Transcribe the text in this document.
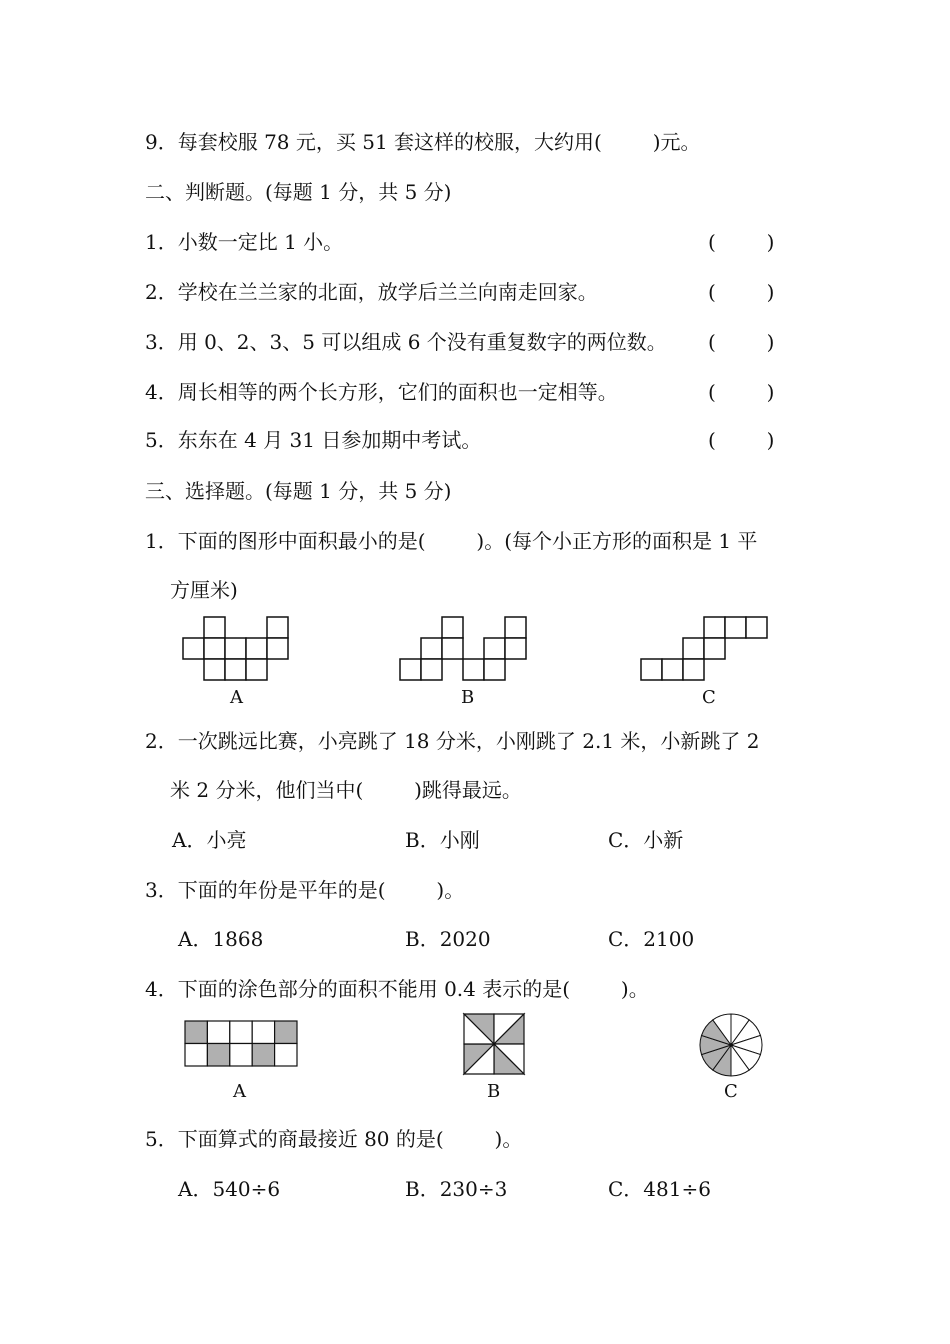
9．每套校服 78 元，买 51 套这样的校服，大约用(        )元。
二、判断题。(每题 1 分，共 5 分)
1．小数一定比 1 小。	(        )
2．学校在兰兰家的北面，放学后兰兰向南走回家。	(        )
3．用 0、2、3、5 可以组成 6 个没有重复数字的两位数。 (        )
4．周长相等的两个长方形，它们的面积也一定相等。	(        )
5．东东在 4 月 31 日参加期中考试。	(        )
三、选择题。(每题 1 分，共 5 分)
1．下面的图形中面积最小的是(        )。(每个小正方形的面积是 1 平
方厘米)
A	B	C
2．一次跳远比赛，小亮跳了 18 分米，小刚跳了 2.1 米，小新跳了 2
米 2 分米，他们当中(        )跳得最远。
A．小亮	B．小刚	C．小新
3．下面的年份是平年的是(        )。
A．1868	B．2020	C．2100
4．下面的涂色部分的面积不能用 0.4 表示的是(        )。
A	B	C
5．下面算式的商最接近 80 的是(        )。
A．540÷6	B．230÷3	C．481÷6
